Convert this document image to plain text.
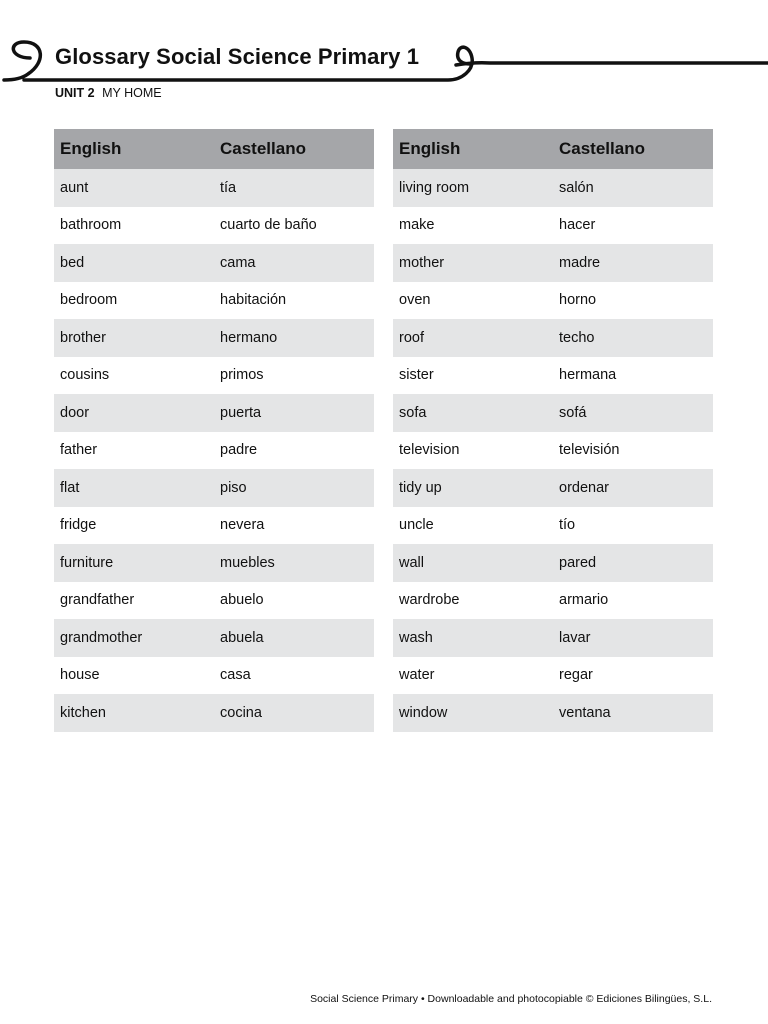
Glossary Social Science Primary 1
UNIT 2 MY HOME
English	Castellano
aunt	tía
bathroom	cuarto de baño
bed	cama
bedroom	habitación
brother	hermano
cousins	primos
door	puerta
father	padre
flat	piso
fridge	nevera
furniture	muebles
grandfather	abuelo
grandmother	abuela
house	casa
kitchen	cocina
English	Castellano
living room	salón
make	hacer
mother	madre
oven	horno
roof	techo
sister	hermana
sofa	sofá
television	televisión
tidy up	ordenar
uncle	tío
wall	pared
wardrobe	armario
wash	lavar
water	regar
window	ventana
Social Science Primary • Downloadable and photocopiable © Ediciones Bilingües, S.L.
